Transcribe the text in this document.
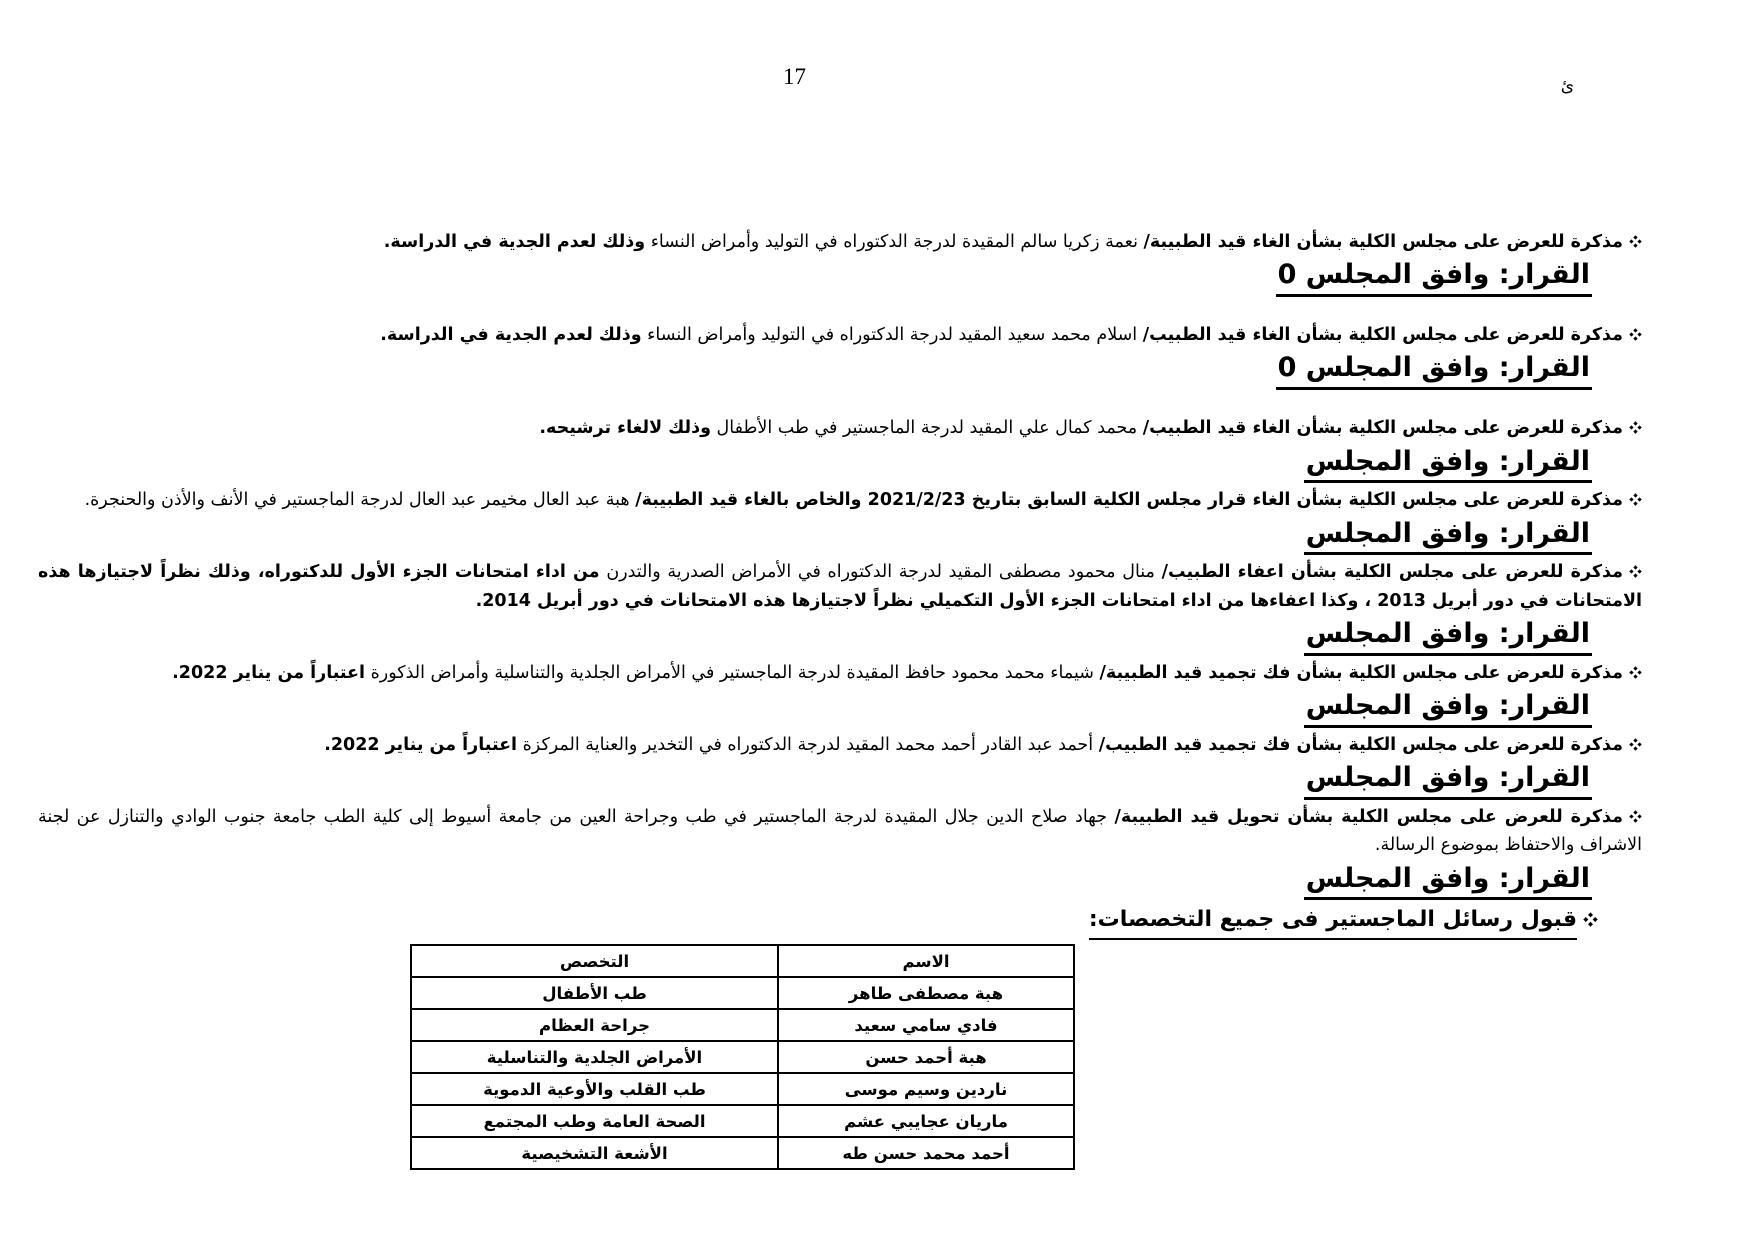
ئ
17

مذكرة للعرض على مجلس الكلية بشأن الغاء قيد الطبيبة/ نعمة زكريا سالم المقيدة لدرجة الدكتوراه في التوليد وأمراض النساء وذلك لعدم الجدية في الدراسة.

القرار: وافق المجلس 0

مذكرة للعرض على مجلس الكلية بشأن الغاء قيد الطبيب/ اسلام محمد سعيد المقيد لدرجة الدكتوراه في التوليد وأمراض النساء وذلك لعدم الجدية في الدراسة.

القرار: وافق المجلس 0

مذكرة للعرض على مجلس الكلية بشأن الغاء قيد الطبيب/ محمد كمال علي المقيد لدرجة الماجستير في طب الأطفال وذلك لالغاء ترشيحه.

القرار: وافق المجلس

مذكرة للعرض على مجلس الكلية بشأن الغاء قرار مجلس الكلية السابق بتاريخ 2021/2/23 والخاص بالغاء قيد الطبيبة/ هبة عبد العال مخيمر عبد العال لدرجة الماجستير في الأنف والأذن والحنجرة.

القرار: وافق المجلس

مذكرة للعرض على مجلس الكلية بشأن اعفاء الطبيب/ منال محمود مصطفى المقيد لدرجة الدكتوراه في الأمراض الصدرية والتدرن من اداء امتحانات الجزء الأول للدكتوراه، وذلك نظراً لاجتيازها هذه الامتحانات في دور أبريل 2013 ، وكذا اعفاءها من اداء امتحانات الجزء الأول التكميلي نظراً لاجتيازها هذه الامتحانات في دور أبريل 2014.

القرار: وافق المجلس

مذكرة للعرض على مجلس الكلية بشأن فك تجميد قيد الطبيبة/ شيماء محمد محمود حافظ المقيدة لدرجة الماجستير في الأمراض الجلدية والتناسلية وأمراض الذكورة اعتباراً من يناير 2022.

القرار: وافق المجلس

مذكرة للعرض على مجلس الكلية بشأن فك تجميد قيد الطبيب/ أحمد عبد القادر أحمد محمد المقيد لدرجة الدكتوراه في التخدير والعناية المركزة اعتباراً من يناير 2022.

القرار: وافق المجلس

مذكرة للعرض على مجلس الكلية بشأن تحويل قيد الطبيبة/ جهاد صلاح الدين جلال المقيدة لدرجة الماجستير في طب وجراحة العين من جامعة أسيوط إلى كلية الطب جامعة جنوب الوادي والتنازل عن لجنة الاشراف والاحتفاظ بموضوع الرسالة.

القرار: وافق المجلس

قبول رسائل الماجستير فى جميع التخصصات:

الاسم	التخصص
هبة مصطفى طاهر	طب الأطفال
فادي سامي سعيد	جراحة العظام
هبة أحمد حسن	الأمراض الجلدية والتناسلية
ناردين وسيم موسى	طب القلب والأوعية الدموية
ماريان عجايبي عشم	الصحة العامة وطب المجتمع
أحمد محمد حسن طه	الأشعة التشخيصية
